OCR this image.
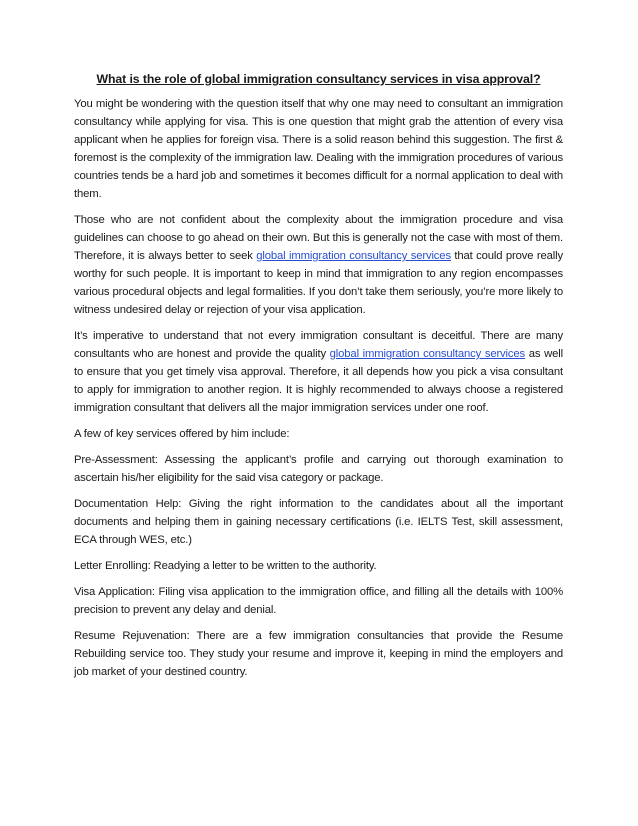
What is the role of global immigration consultancy services in visa approval?

You might be wondering with the question itself that why one may need to consultant an immigration consultancy while applying for visa. This is one question that might grab the attention of every visa applicant when he applies for foreign visa. There is a solid reason behind this suggestion. The first & foremost is the complexity of the immigration law. Dealing with the immigration procedures of various countries tends be a hard job and sometimes it becomes difficult for a normal application to deal with them.

Those who are not confident about the complexity about the immigration procedure and visa guidelines can choose to go ahead on their own. But this is generally not the case with most of them. Therefore, it is always better to seek global immigration consultancy services that could prove really worthy for such people. It is important to keep in mind that immigration to any region encompasses various procedural objects and legal formalities. If you don’t take them seriously, you’re more likely to witness undesired delay or rejection of your visa application.

It’s imperative to understand that not every immigration consultant is deceitful. There are many consultants who are honest and provide the quality global immigration consultancy services as well to ensure that you get timely visa approval. Therefore, it all depends how you pick a visa consultant to apply for immigration to another region. It is highly recommended to always choose a registered immigration consultant that delivers all the major immigration services under one roof.

A few of key services offered by him include:

Pre-Assessment: Assessing the applicant’s profile and carrying out thorough examination to ascertain his/her eligibility for the said visa category or package.

Documentation Help: Giving the right information to the candidates about all the important documents and helping them in gaining necessary certifications (i.e. IELTS Test, skill assessment, ECA through WES, etc.)

Letter Enrolling: Readying a letter to be written to the authority.

Visa Application: Filing visa application to the immigration office, and filling all the details with 100% precision to prevent any delay and denial.

Resume Rejuvenation: There are a few immigration consultancies that provide the Resume Rebuilding service too. They study your resume and improve it, keeping in mind the employers and job market of your destined country.
